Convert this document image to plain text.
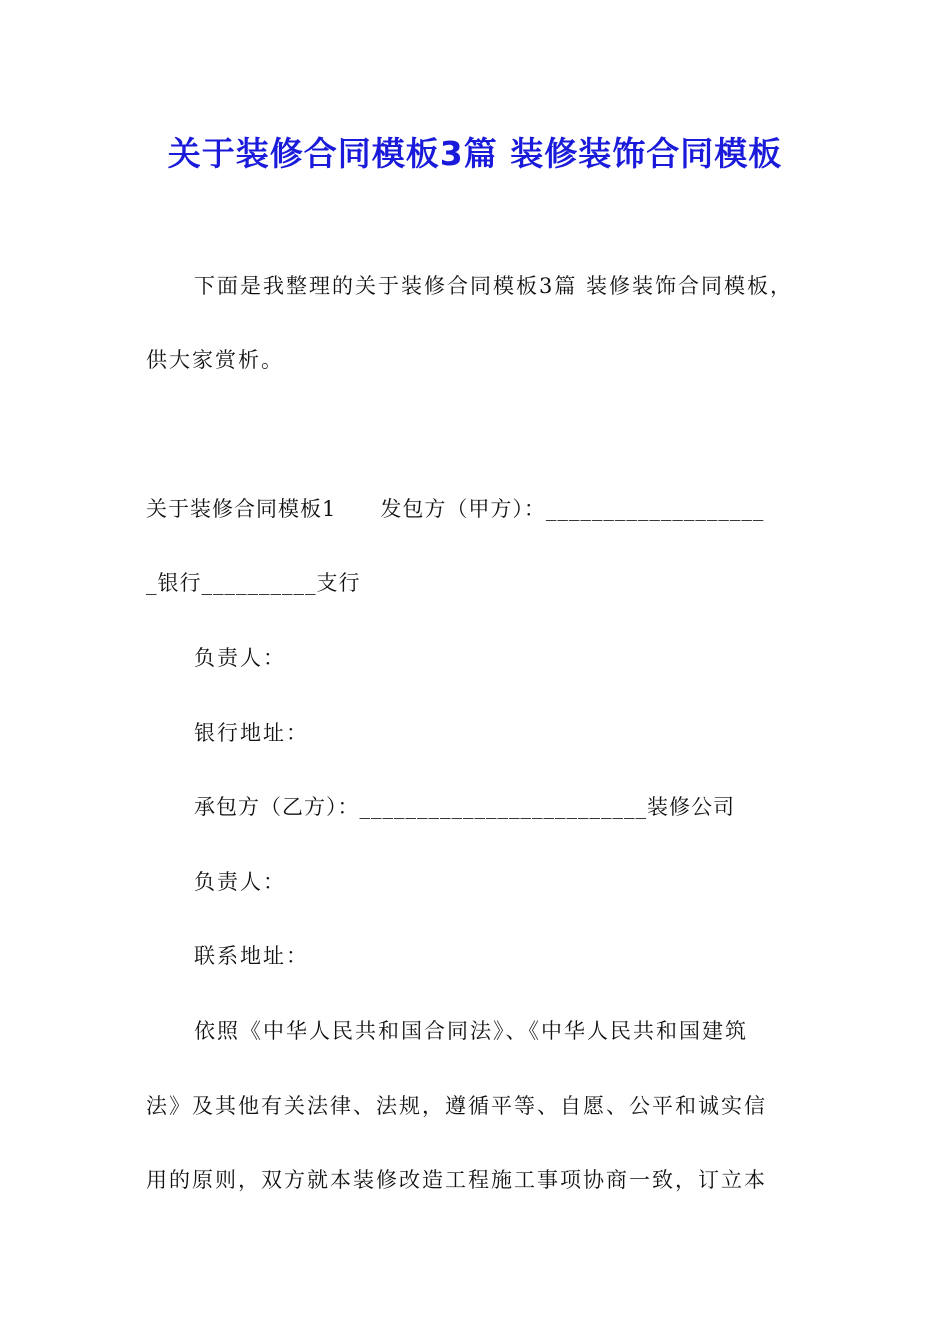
关于装修合同模板3篇 装修装饰合同模板
下面是我整理的关于装修合同模板3篇 装修装饰合同模板，
供大家赏析。
关于装修合同模板1　　发包方（甲方）：___________________
_银行__________支行
负责人：
银行地址：
承包方（乙方）：_________________________装修公司
负责人：
联系地址：
依照《中华人民共和国合同法》、《中华人民共和国建筑
法》及其他有关法律、法规，遵循平等、自愿、公平和诚实信
用的原则，双方就本装修改造工程施工事项协商一致，订立本
